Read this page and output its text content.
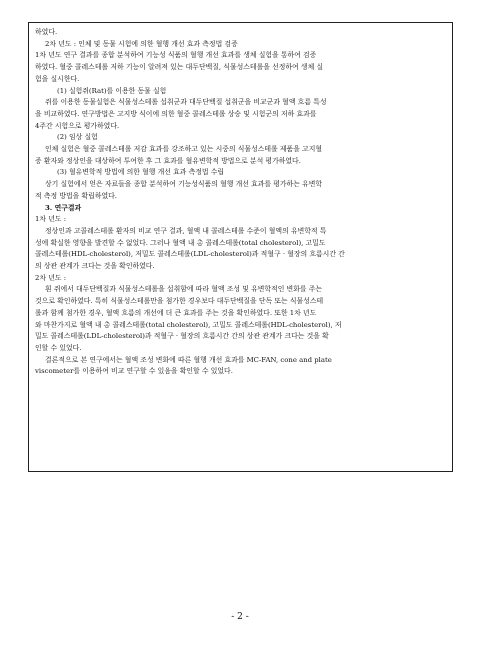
하였다.
2차 년도 : 인체 및 동물 시험에 의한 혈행 개선 효과 측정법 검증
1차 년도 연구 결과를 종합 분석하여 기능성 식품의 혈행 개선 효과를 생체 실험을 통하여 검증
하였다. 혈중 콜레스테롤 저하 기능이 알려져 있는 대두단백질, 식물성스테롤을 선정하여 생체 실
험을 실시한다.
(1) 실험쥐(Rat)를 이용한 동물 실험
쥐를 이용한 동물실험은 식물성스테롤 섭취군과 대두단백질 섭취군을 비교군과 혈액 흐름 특성
을 비교하였다. 연구방법은 고지방 식이에 의한 혈중 콜레스테롤 상승 및 시험군의 저하 효과를
4주간 시험으로 평가하였다.
(2) 임상 실험
인체 실험은 혈중 콜레스테롤 저감 효과를 강조하고 있는 시중의 식물성스테롤 제품을 고지혈
증 환자와 정상인을 대상하여 투여한 후 그 효과를 혈유변학적 방법으로 분석 평가하였다.
(3) 혈유변학적 방법에 의한 혈행 개선 효과 측정법 수립
상기 실험에서 얻은 자료들을 종합 분석하여 기능성식품의 혈행 개선 효과를 평가하는 유변학
적 측정 방법을 확립하였다.
3. 연구결과
1차 년도 :
정상인과 고콜레스테롤 환자의 비교 연구 결과, 혈액 내 콜레스테롤 수준이 혈액의 유변학적 특
성에 확실한 영향을 발견할 수 없었다. 그러나 혈액 내 총 콜레스테롤(total cholesterol), 고밀도
콜레스테롤(HDL-cholesterol), 저밀도 콜레스테롤(LDL-cholesterol)과 적혈구 · 혈장의 흐름시간 간
의 상관 관계가 크다는 것을 확인하였다.
2차 년도 :
흰 쥐에서 대두단백질과 식물성스테롤을 섭취함에 따라 혈액 조성 및 유변학적인 변화를 주는
것으로 확인하였다. 특히 식물성스테롤만을 첨가한 경우보다 대두단백질을 단독 또는 식물성스테
롤과 함께 첨가한 경우, 혈액 흐름의 개선에 더 큰 효과를 주는 것을 확인하였다. 또한 1차 년도
와 마찬가지로 혈액 내 총 콜레스테롤(total cholesterol), 고밀도 콜레스테롤(HDL-cholesterol), 저
밀도 콜레스테롤(LDL-cholesterol)과 적혈구 · 혈장의 흐름시간 간의 상관 관계가 크다는 것을 확
인할 수 있었다.
결론적으로 본 연구에서는 혈액 조성 변화에 따른 혈행 개선 효과를 MC-FAN, cone and plate
viscometer를 이용하여 비교 연구할 수 있음을 확인할 수 있었다.
- 2 -
